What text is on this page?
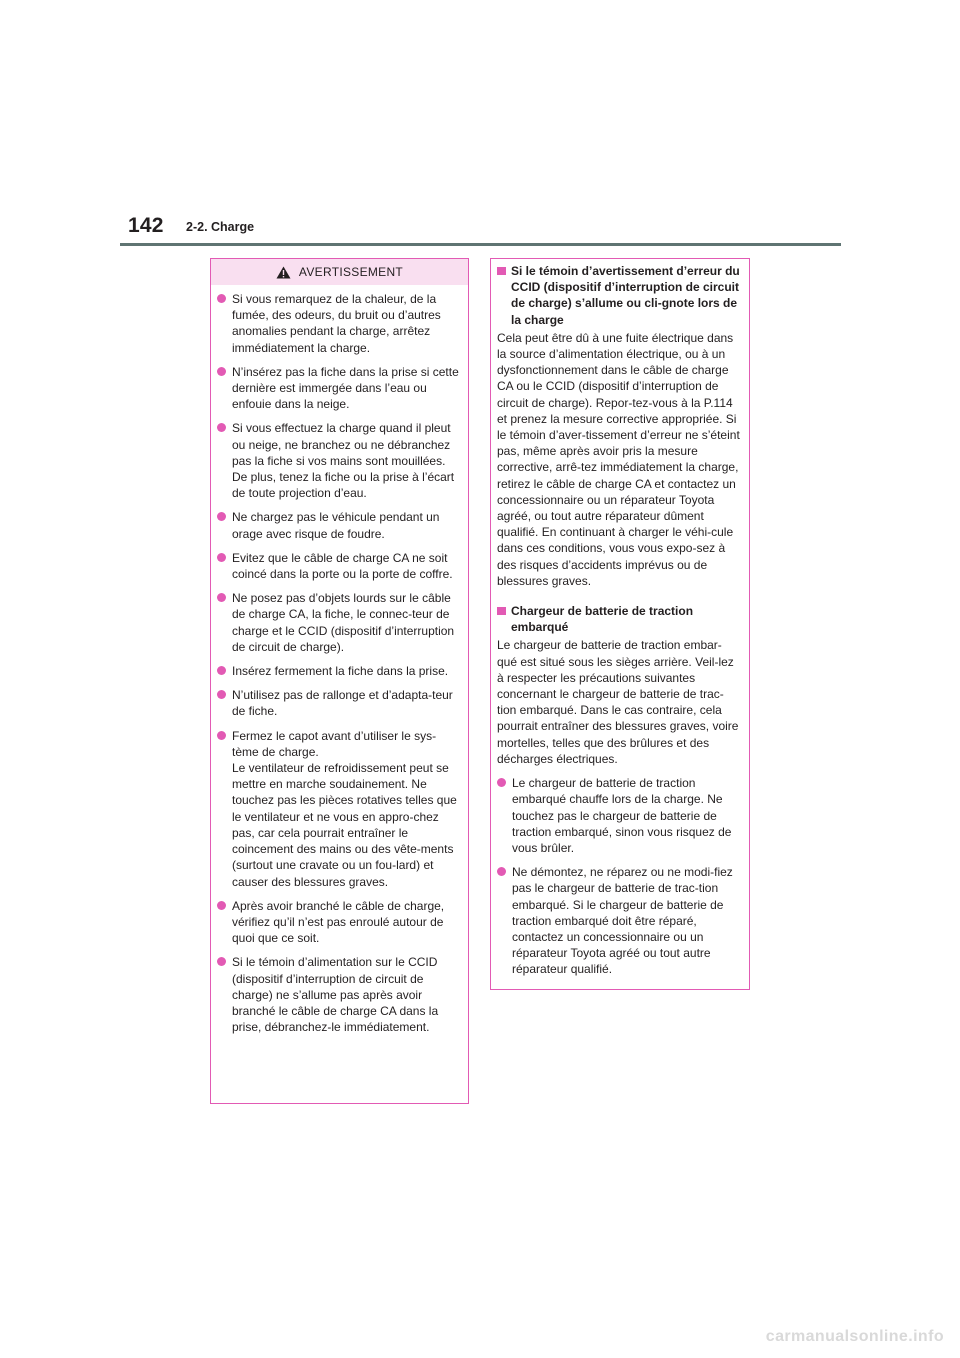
142 2-2. Charge
AVERTISSEMENT
Si vous remarquez de la chaleur, de la fumée, des odeurs, du bruit ou d’autres anomalies pendant la charge, arrêtez immédiatement la charge.
N’insérez pas la fiche dans la prise si cette dernière est immergée dans l’eau ou enfouie dans la neige.
Si vous effectuez la charge quand il pleut ou neige, ne branchez ou ne débranchez pas la fiche si vos mains sont mouillées. De plus, tenez la fiche ou la prise à l’écart de toute projection d’eau.
Ne chargez pas le véhicule pendant un orage avec risque de foudre.
Evitez que le câble de charge CA ne soit coincé dans la porte ou la porte de coffre.
Ne posez pas d’objets lourds sur le câble de charge CA, la fiche, le connec-teur de charge et le CCID (dispositif d’interruption de circuit de charge).
Insérez fermement la fiche dans la prise.
N’utilisez pas de rallonge et d’adapta-teur de fiche.
Fermez le capot avant d’utiliser le sys-tème de charge.
Le ventilateur de refroidissement peut se mettre en marche soudainement. Ne touchez pas les pièces rotatives telles que le ventilateur et ne vous en appro-chez pas, car cela pourrait entraîner le coincement des mains ou des vête-ments (surtout une cravate ou un fou-lard) et causer des blessures graves.
Après avoir branché le câble de charge, vérifiez qu’il n’est pas enroulé autour de quoi que ce soit.
Si le témoin d’alimentation sur le CCID (dispositif d’interruption de circuit de charge) ne s’allume pas après avoir branché le câble de charge CA dans la prise, débranchez-le immédiatement.
Si le témoin d’avertissement d’erreur du CCID (dispositif d’interruption de circuit de charge) s’allume ou cli-gnote lors de la charge
Cela peut être dû à une fuite électrique dans la source d’alimentation électrique, ou à un dysfonctionnement dans le câble de charge CA ou le CCID (dispositif d’interruption de circuit de charge). Repor-tez-vous à la P.114 et prenez la mesure corrective appropriée. Si le témoin d’aver-tissement d’erreur ne s’éteint pas, même après avoir pris la mesure corrective, arrê-tez immédiatement la charge, retirez le câble de charge CA et contactez un concessionnaire ou un réparateur Toyota agréé, ou tout autre réparateur dûment qualifié. En continuant à charger le véhi-cule dans ces conditions, vous vous expo-sez à des risques d’accidents imprévus ou de blessures graves.
Chargeur de batterie de traction embarqué
Le chargeur de batterie de traction embar-qué est situé sous les sièges arrière. Veil-lez à respecter les précautions suivantes concernant le chargeur de batterie de trac-tion embarqué. Dans le cas contraire, cela pourrait entraîner des blessures graves, voire mortelles, telles que des brûlures et des décharges électriques.
Le chargeur de batterie de traction embarqué chauffe lors de la charge. Ne touchez pas le chargeur de batterie de traction embarqué, sinon vous risquez de vous brûler.
Ne démontez, ne réparez ou ne modi-fiez pas le chargeur de batterie de trac-tion embarqué. Si le chargeur de batterie de traction embarqué doit être réparé, contactez un concessionnaire ou un réparateur Toyota agréé ou tout autre réparateur qualifié.
carmanualsonline.info
